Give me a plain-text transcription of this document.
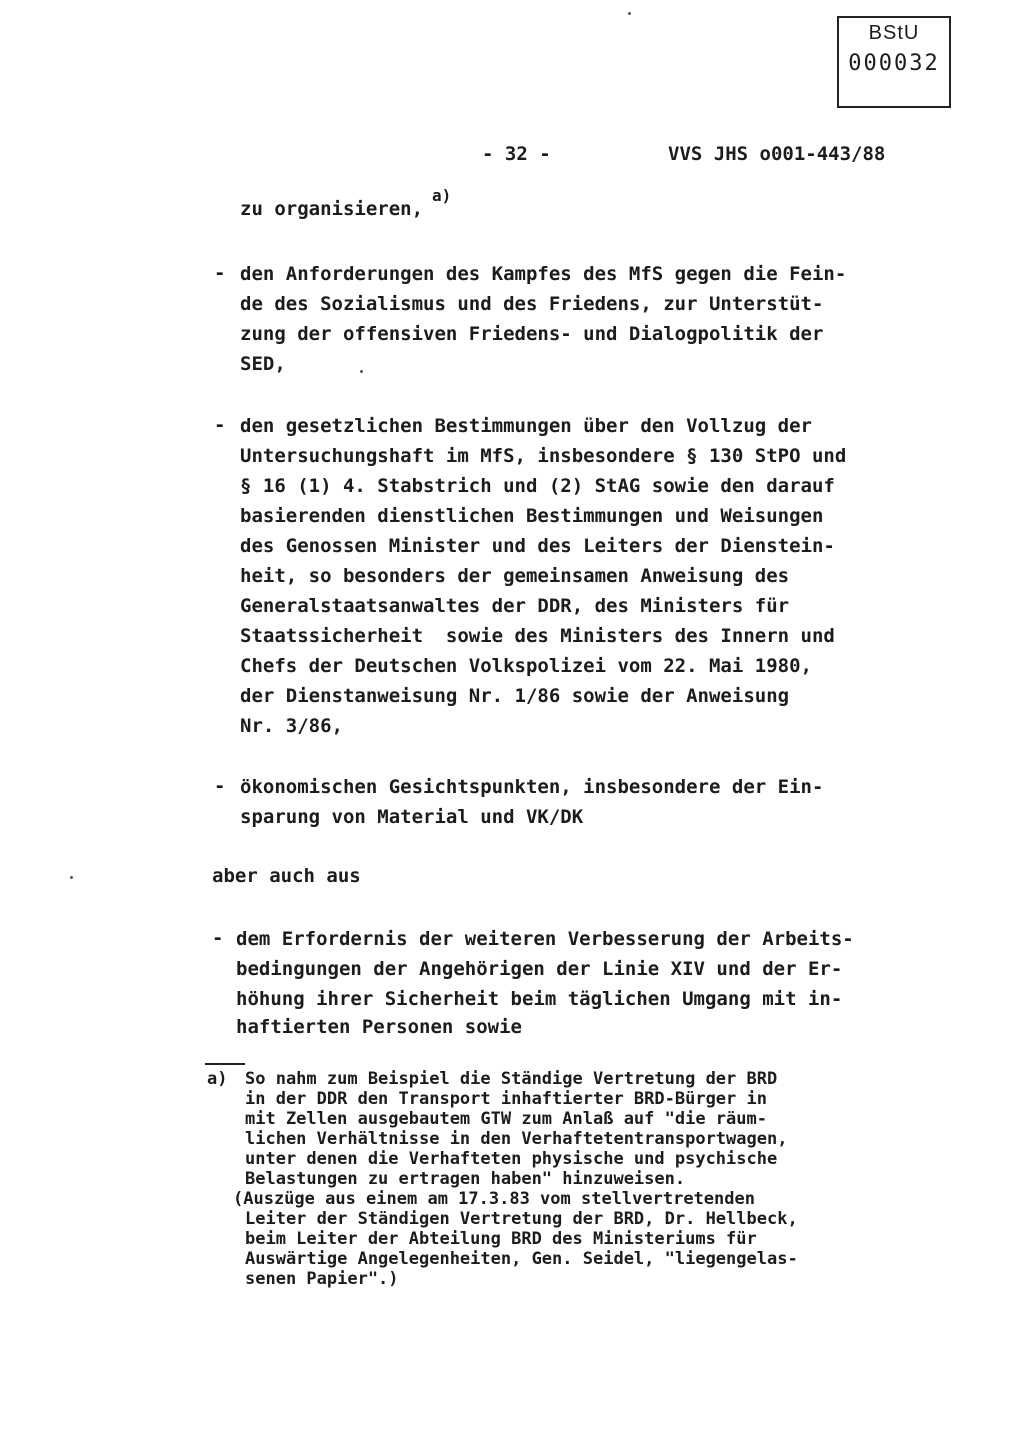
BStU
000032
- 32 -	VVS JHS o001-443/88
zu organisieren,
a)
- den Anforderungen des Kampfes des MfS gegen die Fein-
de des Sozialismus und des Friedens, zur Unterstüt-
zung der offensiven Friedens- und Dialogpolitik der
SED,
- den gesetzlichen Bestimmungen über den Vollzug der
Untersuchungshaft im MfS, insbesondere § 130 StPO und
§ 16 (1) 4. Stabstrich und (2) StAG sowie den darauf
basierenden dienstlichen Bestimmungen und Weisungen
des Genossen Minister und des Leiters der Dienstein-
heit, so besonders der gemeinsamen Anweisung des
Generalstaatsanwaltes der DDR, des Ministers für
Staatssicherheit  sowie des Ministers des Innern und
Chefs der Deutschen Volkspolizei vom 22. Mai 1980,
der Dienstanweisung Nr. 1/86 sowie der Anweisung
Nr. 3/86,
- ökonomischen Gesichtspunkten, insbesondere der Ein-
sparung von Material und VK/DK
aber auch aus
- dem Erfordernis der weiteren Verbesserung der Arbeits-
bedingungen der Angehörigen der Linie XIV und der Er-
höhung ihrer Sicherheit beim täglichen Umgang mit in-
haftierten Personen sowie
a) So nahm zum Beispiel die Ständige Vertretung der BRD
in der DDR den Transport inhaftierter BRD-Bürger in
mit Zellen ausgebautem GTW zum Anlaß auf "die räum-
lichen Verhältnisse in den Verhaftetentransportwagen,
unter denen die Verhafteten physische und psychische
Belastungen zu ertragen haben" hinzuweisen.
(Auszüge aus einem am 17.3.83 vom stellvertretenden
Leiter der Ständigen Vertretung der BRD, Dr. Hellbeck,
beim Leiter der Abteilung BRD des Ministeriums für
Auswärtige Angelegenheiten, Gen. Seidel, "liegengelas-
senen Papier".)
